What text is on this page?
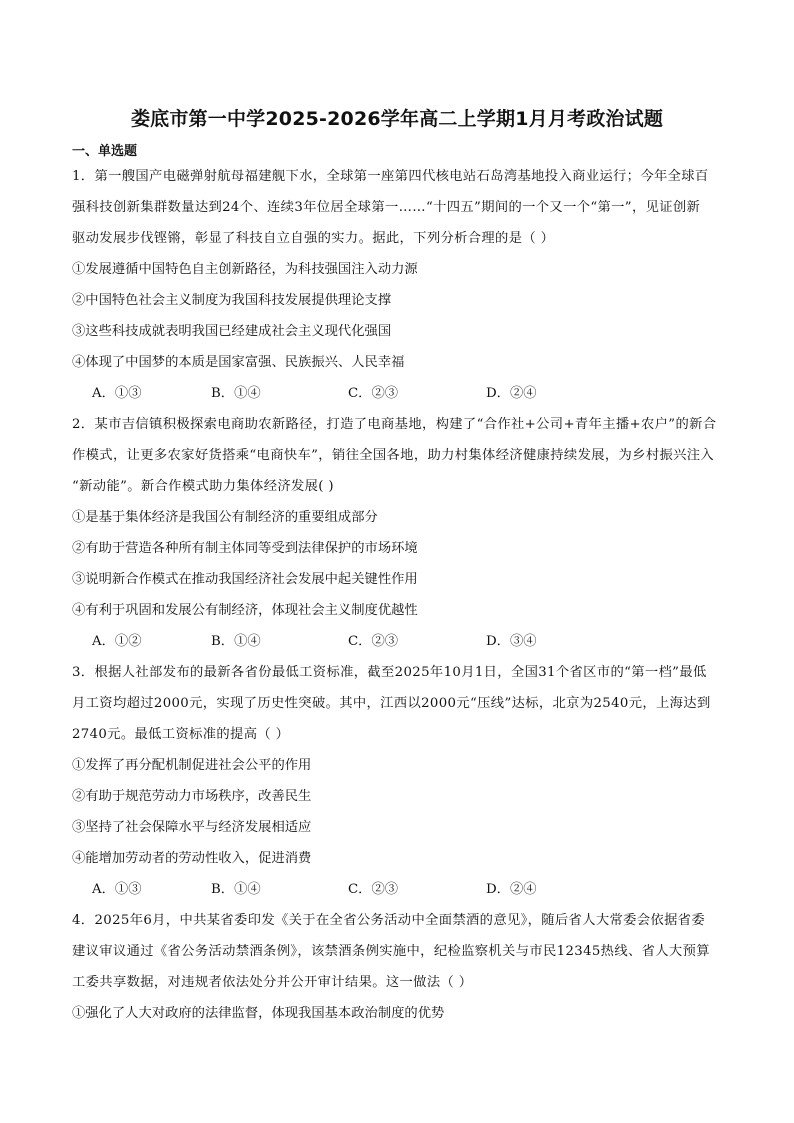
娄底市第一中学2025-2026学年高二上学期1月月考政治试题
一、单选题
1．第一艘国产电磁弹射航母福建舰下水，全球第一座第四代核电站石岛湾基地投入商业运行；今年全球百
强科技创新集群数量达到24个、连续3年位居全球第一……“十四五”期间的一个又一个“第一”，见证创新
驱动发展步伐铿锵，彰显了科技自立自强的实力。据此，下列分析合理的是（ ）
①发展遵循中国特色自主创新路径，为科技强国注入动力源
②中国特色社会主义制度为我国科技发展提供理论支撑
③这些科技成就表明我国已经建成社会主义现代化强国
④体现了中国梦的本质是国家富强、民族振兴、人民幸福
A．①③	B．①④	C．②③	D．②④
2．某市吉信镇积极探索电商助农新路径，打造了电商基地，构建了“合作社+公司+青年主播+农户”的新合
作模式，让更多农家好货搭乘“电商快车”，销往全国各地，助力村集体经济健康持续发展，为乡村振兴注入
“新动能”。新合作模式助力集体经济发展( )
①是基于集体经济是我国公有制经济的重要组成部分
②有助于营造各种所有制主体同等受到法律保护的市场环境
③说明新合作模式在推动我国经济社会发展中起关键性作用
④有利于巩固和发展公有制经济，体现社会主义制度优越性
A．①②	B．①④	C．②③	D．③④
3．根据人社部发布的最新各省份最低工资标准，截至2025年10月1日，全国31个省区市的“第一档”最低
月工资均超过2000元，实现了历史性突破。其中，江西以2000元“压线”达标，北京为2540元，上海达到
2740元。最低工资标准的提高（ ）
①发挥了再分配机制促进社会公平的作用
②有助于规范劳动力市场秩序，改善民生
③坚持了社会保障水平与经济发展相适应
④能增加劳动者的劳动性收入，促进消费
A．①③	B．①④	C．②③	D．②④
4．2025年6月，中共某省委印发《关于在全省公务活动中全面禁酒的意见》，随后省人大常委会依据省委
建议审议通过《省公务活动禁酒条例》，该禁酒条例实施中，纪检监察机关与市民12345热线、省人大预算
工委共享数据，对违规者依法处分并公开审计结果。这一做法（ ）
①强化了人大对政府的法律监督，体现我国基本政治制度的优势
